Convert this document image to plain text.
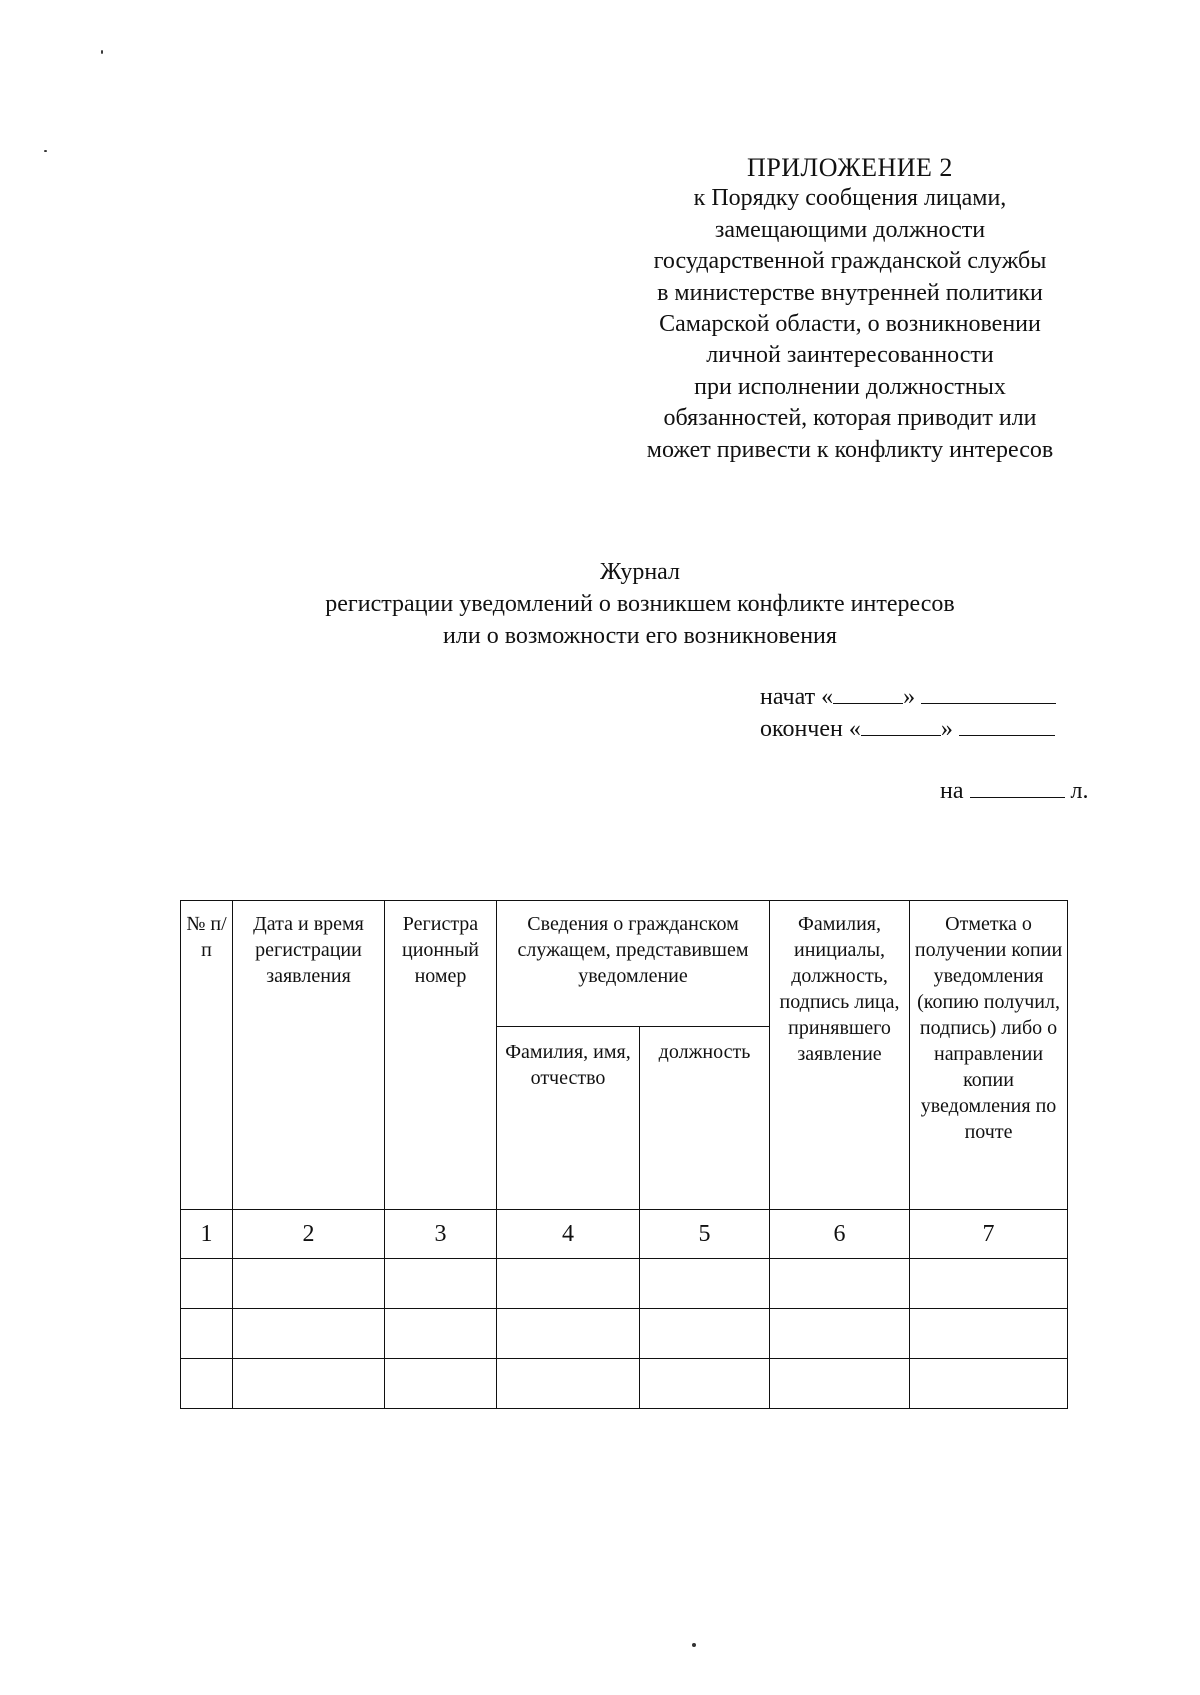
ПРИЛОЖЕНИЕ 2
к Порядку сообщения лицами,
замещающими должности
государственной гражданской службы
в министерстве внутренней политики
Самарской области, о возникновении
личной заинтересованности
при исполнении должностных
обязанностей, которая приводит или
может привести к конфликту интересов
Журнал
регистрации уведомлений о возникшем конфликте интересов
или о возможности его возникновения
начат «	»
окончен «	»
на	л.
№ п/п	Дата и время регистрации заявления	Регистра ционный номер	Сведения о гражданском служащем, представившем уведомление		Фамилия, инициалы, должность, подпись лица, принявшего заявление	Отметка о получении копии уведомления (копию получил, подпись) либо о направлении копии уведомления по почте
			Фамилия, имя, отчество	должность		
1	2	3	4	5	6	7
